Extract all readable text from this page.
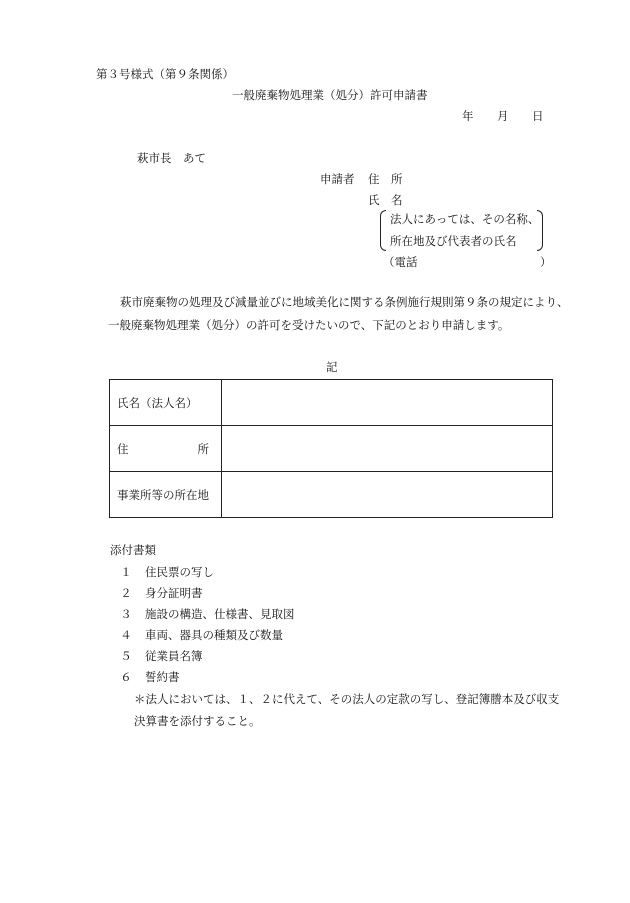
第３号様式（第９条関係）
一般廃棄物処理業（処分）許可申請書
年 月 日
萩市長　あて
申請者 住　所
氏　名
法人にあっては、その名称、
所在地及び代表者の氏名
（電話	）
萩市廃棄物の処理及び減量並びに地域美化に関する条例施行規則第９条の規定により、
一般廃棄物処理業（処分）の許可を受けたいので、下記のとおり申請します。
記
氏名（法人名）	

住 所	

事業所等の所在地	
添付書類
１	住民票の写し
２	身分証明書
３	施設の構造、仕様書、見取図
４	車両、器具の種類及び数量
５	従業員名簿
６	誓約書
＊法人においては、１、２に代えて、その法人の定款の写し、登記簿謄本及び収支
決算書を添付すること。
